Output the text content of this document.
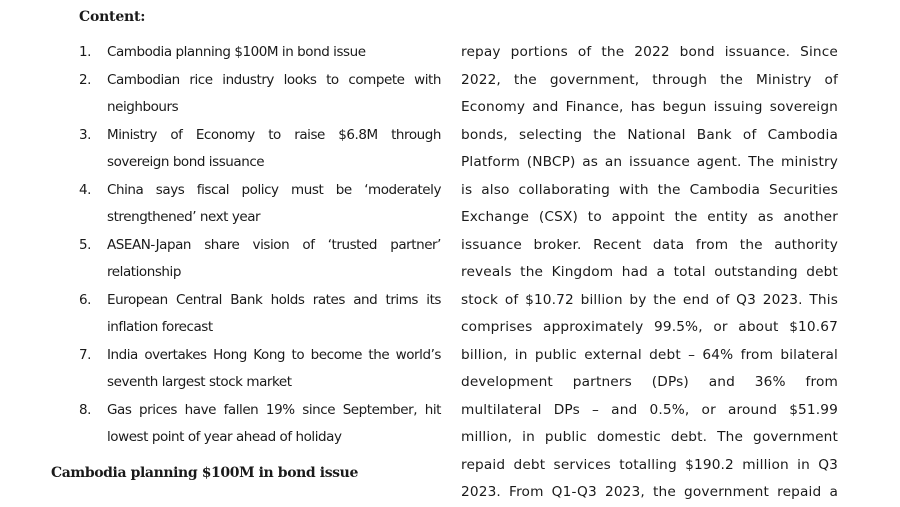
Content:
1. Cambodia planning $100M in bond issue
2. Cambodian rice industry looks to compete with neighbours
3. Ministry of Economy to raise $6.8M through sovereign bond issuance
4. China says fiscal policy must be ‘moderately strengthened’ next year
5. ASEAN-Japan share vision of ‘trusted partner’ relationship
6. European Central Bank holds rates and trims its inflation forecast
7. India overtakes Hong Kong to become the world’s seventh largest stock market
8. Gas prices have fallen 19% since September, hit lowest point of year ahead of holiday
Cambodia planning $100M in bond issue
repay portions of the 2022 bond issuance. Since
2022, the government, through the Ministry of
Economy and Finance, has begun issuing sovereign
bonds, selecting the National Bank of Cambodia
Platform (NBCP) as an issuance agent. The ministry
is also collaborating with the Cambodia Securities
Exchange (CSX) to appoint the entity as another
issuance broker. Recent data from the authority
reveals the Kingdom had a total outstanding debt
stock of $10.72 billion by the end of Q3 2023. This
comprises approximately 99.5%, or about $10.67
billion, in public external debt – 64% from bilateral
development partners (DPs) and 36% from
multilateral DPs – and 0.5%, or around $51.99
million, in public domestic debt. The government
repaid debt services totalling $190.2 million in Q3
2023. From Q1-Q3 2023, the government repaid a
